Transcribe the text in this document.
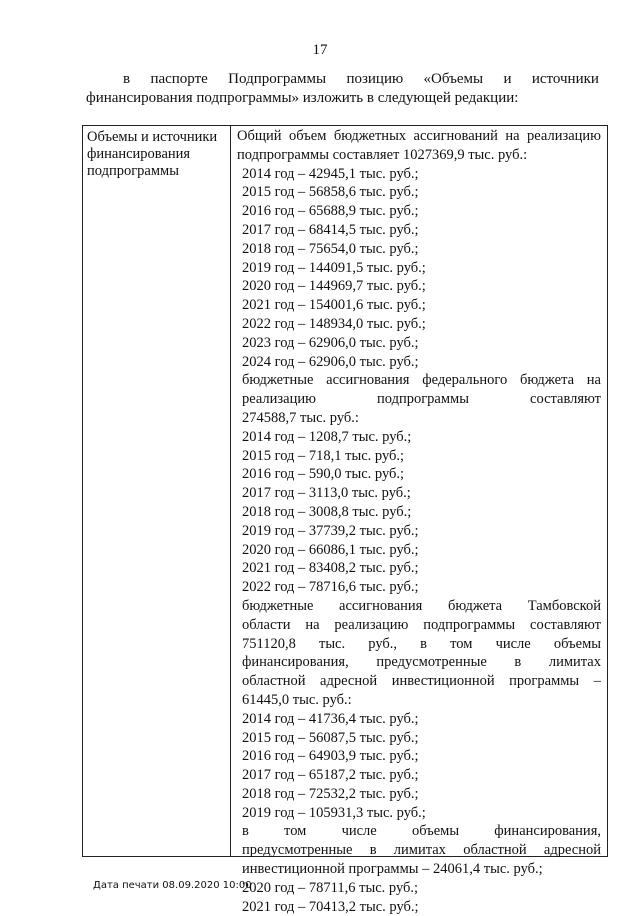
17
в паспорте Подпрограммы позицию «Объемы и источники
финансирования подпрограммы» изложить в следующей редакции:
Объемы и источники
финансирования
подпрограммы

Общий объем бюджетных ассигнований на реализацию

подпрограммы составляет 1027369,9 тыс. руб.:

2014 год – 42945,1 тыс. руб.;
2015 год – 56858,6 тыс. руб.;
2016 год – 65688,9 тыс. руб.;
2017 год – 68414,5 тыс. руб.;
2018 год – 75654,0 тыс. руб.;
2019 год – 144091,5 тыс. руб.;
2020 год – 144969,7 тыс. руб.;
2021 год – 154001,6 тыс. руб.;
2022 год – 148934,0 тыс. руб.;
2023 год – 62906,0 тыс. руб.;
2024 год – 62906,0 тыс. руб.;

бюджетные ассигнования федерального бюджета на

реализацию подпрограммы составляют

274588,7 тыс. руб.:

2014 год – 1208,7 тыс. руб.;
2015 год – 718,1 тыс. руб.;
2016 год – 590,0 тыс. руб.;
2017 год – 3113,0 тыс. руб.;
2018 год – 3008,8 тыс. руб.;
2019 год – 37739,2 тыс. руб.;
2020 год – 66086,1 тыс. руб.;
2021 год – 83408,2 тыс. руб.;
2022 год – 78716,6 тыс. руб.;

бюджетные ассигнования бюджета Тамбовской

области на реализацию подпрограммы составляют

751120,8 тыс. руб., в том числе объемы

финансирования, предусмотренные в лимитах

областной адресной инвестиционной программы –

61445,0 тыс. руб.:

2014 год – 41736,4 тыс. руб.;
2015 год – 56087,5 тыс. руб.;
2016 год – 64903,9 тыс. руб.;
2017 год – 65187,2 тыс. руб.;
2018 год – 72532,2 тыс. руб.;
2019 год – 105931,3 тыс. руб.;

в том числе объемы финансирования,

предусмотренные в лимитах областной адресной

инвестиционной программы – 24061,4 тыс. руб.;

2020 год – 78711,6 тыс. руб.;
2021 год – 70413,2 тыс. руб.;
Дата печати 08.09.2020 10:00
